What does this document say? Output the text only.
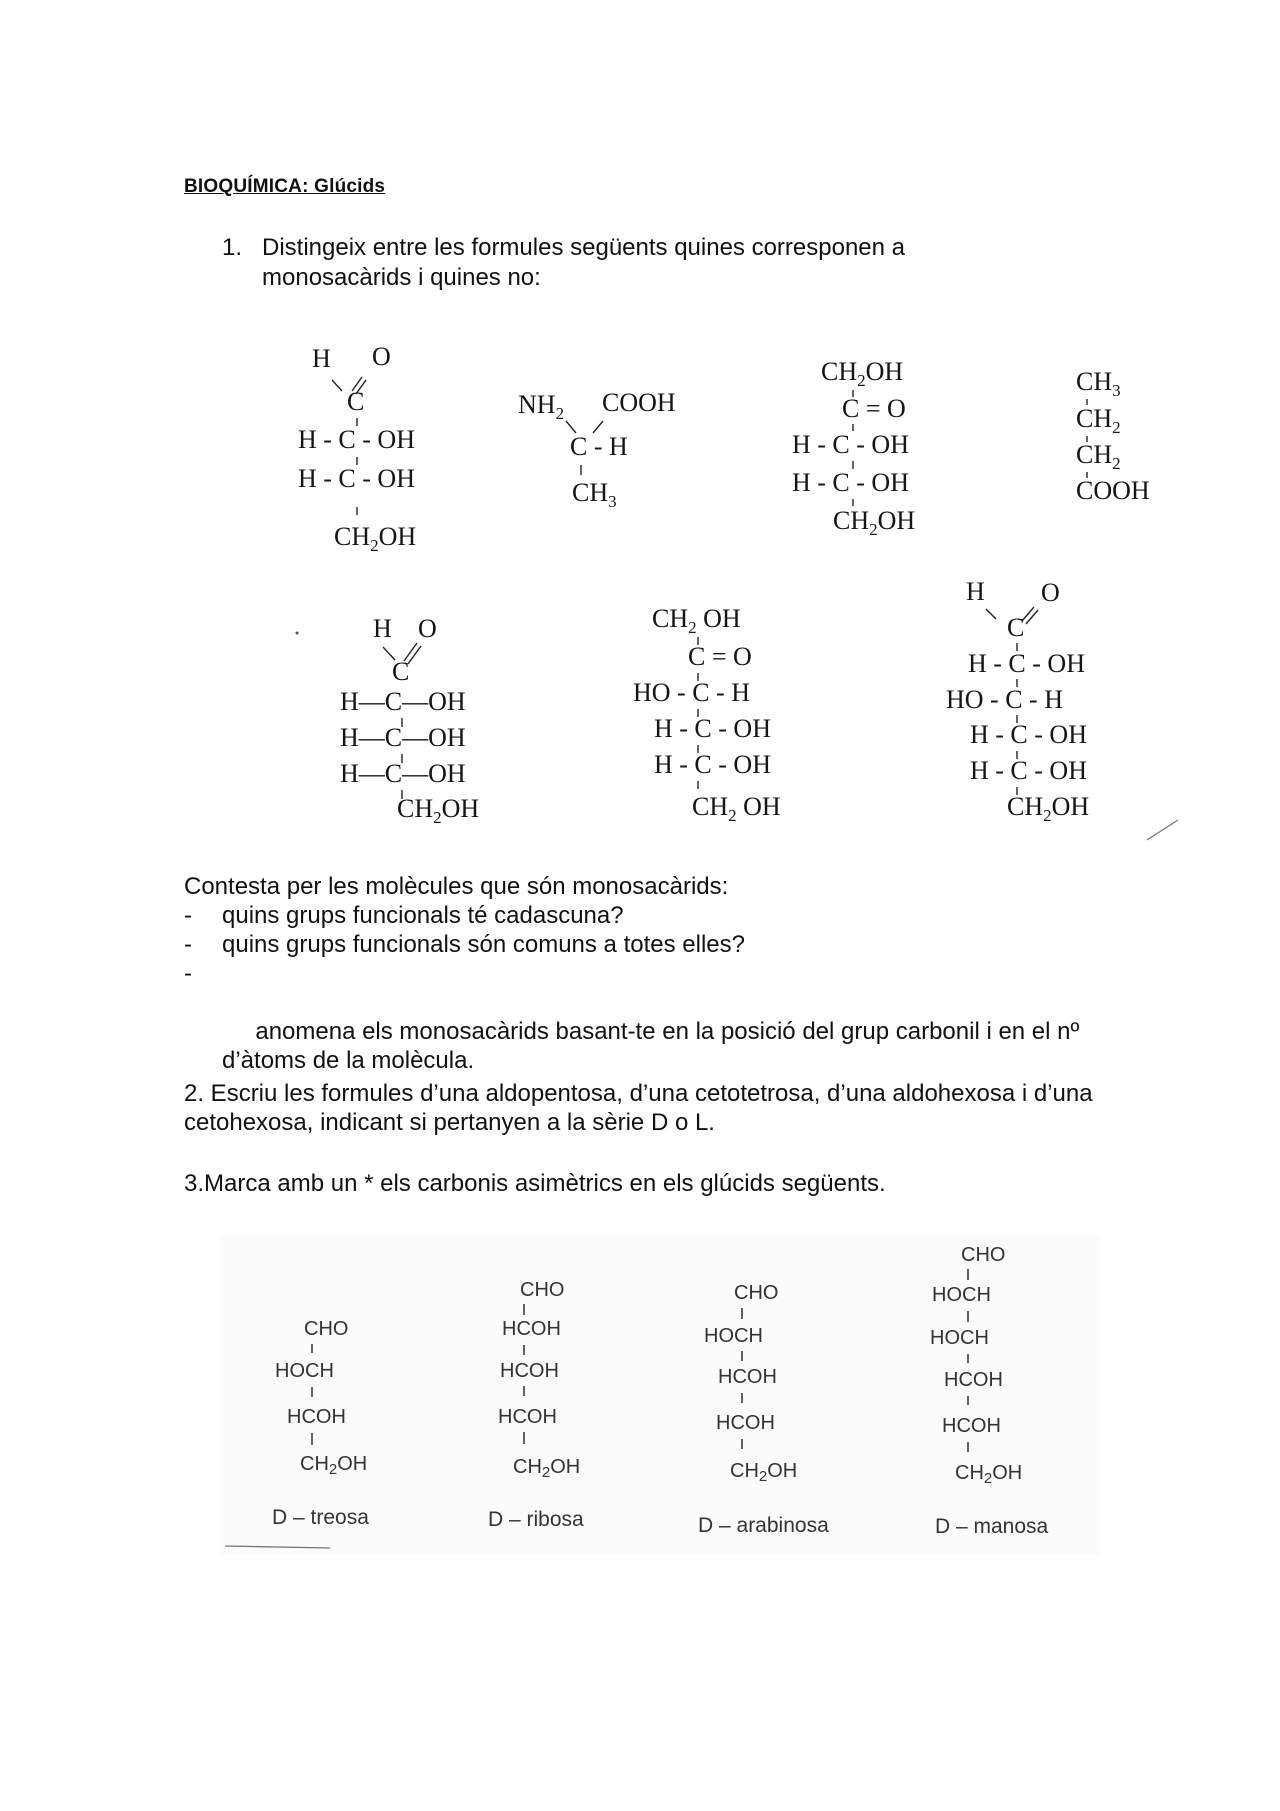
BIOQUÍMICA: Glúcids
1. Distingeix entre les formules següents quines corresponen a monosacàrids i quines no:
H O
C
H - C - OH
H - C - OH
$CH_2OH$
$NH_2$ COOH
C - H
$CH_3$
$CH_2OH$
C = O
H - C - OH
H - C - OH
$CH_2OH$
$CH_3$
$CH_2$
$CH_2$
COOH
H O
C
H—C—OH
H—C—OH
H—C—OH
$CH_2OH$
$CH_2$ OH
C = O
HO - C - H
H - C - OH
H - C - OH
$CH_2$ OH
H O
C
H - C - OH
HO - C - H
H - C - OH
H - C - OH
$CH_2OH$
Contesta per les molècules que són monosacàrids:
- quins grups funcionals té cadascuna?
- quins grups funcionals són comuns a totes elles?

-

anomena els monosacàrids basant-te en la posició del grup carbonil i en el nº d’àtoms de la molècula.

2. Escriu les formules d’una aldopentosa, d’una cetotetrosa, d’una aldohexosa i d’una cetohexosa, indicant si pertanyen a la sèrie D o L.
3.Marca amb un * els carbonis asimètrics en els glúcids següents.
CHO
HOCH
HCOH
$CH_2OH$
D – treosa
CHO
HCOH
HCOH
HCOH
$CH_2OH$
D – ribosa
CHO
HOCH
HCOH
HCOH
$CH_2OH$
D – arabinosa
CHO
HOCH
HOCH
HCOH
HCOH
$CH_2OH$
D – manosa
